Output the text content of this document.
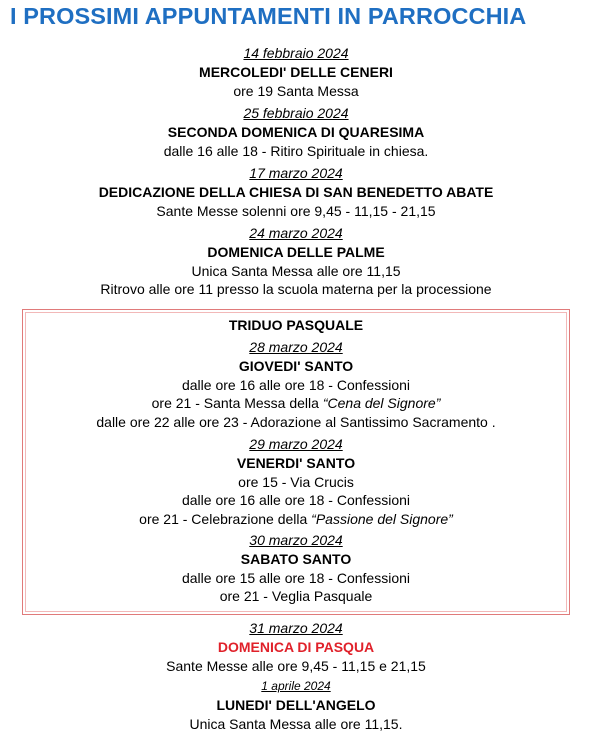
I PROSSIMI APPUNTAMENTI IN PARROCCHIA
14 febbraio 2024
MERCOLEDI' DELLE CENERI
ore 19 Santa Messa
25 febbraio 2024
SECONDA DOMENICA DI QUARESIMA
dalle 16 alle 18 - Ritiro Spirituale in chiesa.
17 marzo 2024
DEDICAZIONE DELLA CHIESA DI SAN BENEDETTO ABATE
Sante Messe solenni ore 9,45 - 11,15 - 21,15
24 marzo 2024
DOMENICA DELLE PALME
Unica Santa Messa alle ore 11,15
Ritrovo alle ore 11 presso la scuola materna per la processione
TRIDUO PASQUALE
28 marzo 2024
GIOVEDI' SANTO
dalle ore 16 alle ore 18 - Confessioni
ore 21 - Santa Messa della “Cena del Signore”
dalle ore 22 alle ore 23 - Adorazione al Santissimo Sacramento .
29 marzo 2024
VENERDI' SANTO
ore 15 - Via Crucis
dalle ore 16 alle ore 18 - Confessioni
ore 21 - Celebrazione della “Passione del Signore”
30 marzo 2024
SABATO SANTO
dalle ore 15 alle ore 18 - Confessioni
ore 21 - Veglia Pasquale
31 marzo 2024
DOMENICA DI PASQUA
Sante Messe alle ore 9,45 - 11,15 e 21,15
1 aprile 2024
LUNEDI' DELL'ANGELO
Unica Santa Messa alle ore 11,15.
